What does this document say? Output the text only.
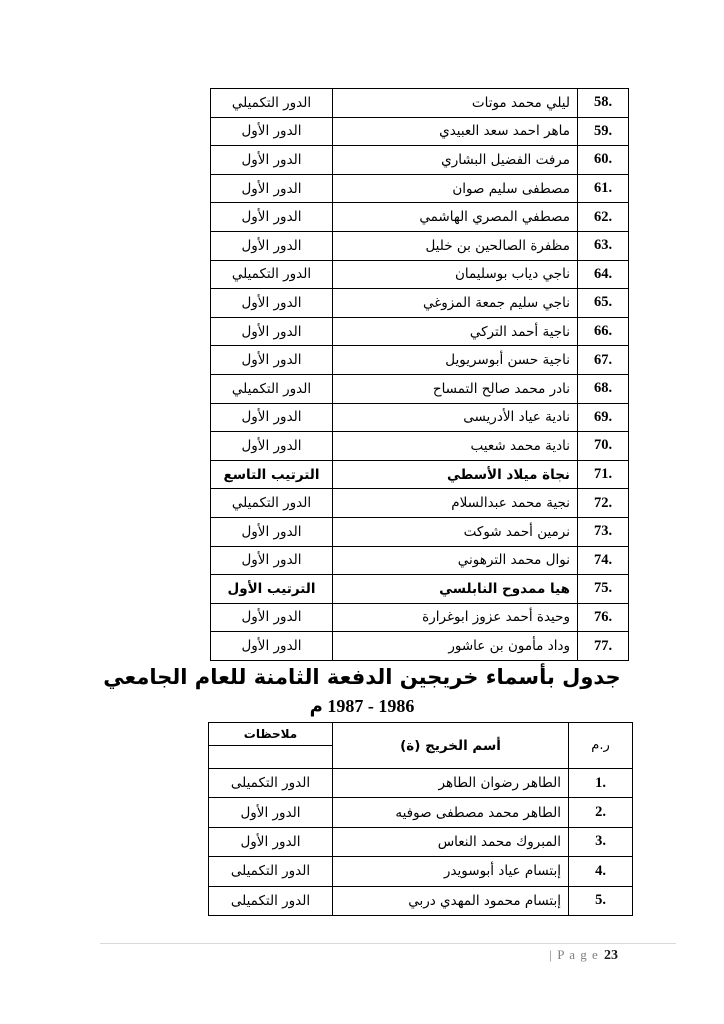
58.	ليلي محمد موتات	الدور التكميلي
59.	ماهر احمد سعد العبيدي	الدور الأول
60.	مرفت الفضيل البشاري	الدور الأول
61.	مصطفى سليم صوان	الدور الأول
62.	مصطفي المصري الهاشمي	الدور الأول
63.	مظفرة الصالحين بن خليل	الدور الأول
64.	ناجي دياب بوسليمان	الدور التكميلي
65.	ناجي سليم جمعة المزوغي	الدور الأول
66.	ناجية أحمد التركي	الدور الأول
67.	ناجية حسن أبوسريويل	الدور الأول
68.	نادر محمد صالح التمساح	الدور التكميلي
69.	نادية عياد الأدريسى	الدور الأول
70.	نادية محمد شعيب	الدور الأول
71.	نجاة ميلاد الأسطي	الترتيب التاسع
72.	نجية محمد عبدالسلام	الدور التكميلي
73.	نرمين أحمد شوكت	الدور الأول
74.	نوال محمد الترهوني	الدور الأول
75.	هيا ممدوح النابلسي	الترتيب الأول
76.	وحيدة أحمد عزوز ابوغرارة	الدور الأول
77.	وداد مأمون بن عاشور	الدور الأول
جدول بأسماء خريجين الدفعة الثامنة للعام الجامعي
1986 - 1987 م
ر.م	أسم الخريج (ة)	ملاحظات

1.	الطاهر رضوان الطاهر	الدور التكميلى
2.	الطاهر محمد مصطفى صوفيه	الدور الأول
3.	المبروك محمد النعاس	الدور الأول
4.	إبتسام عياد أبوسويدر	الدور التكميلى
5.	إبتسام محمود المهدي دربي	الدور التكميلى
| P a g e 23
